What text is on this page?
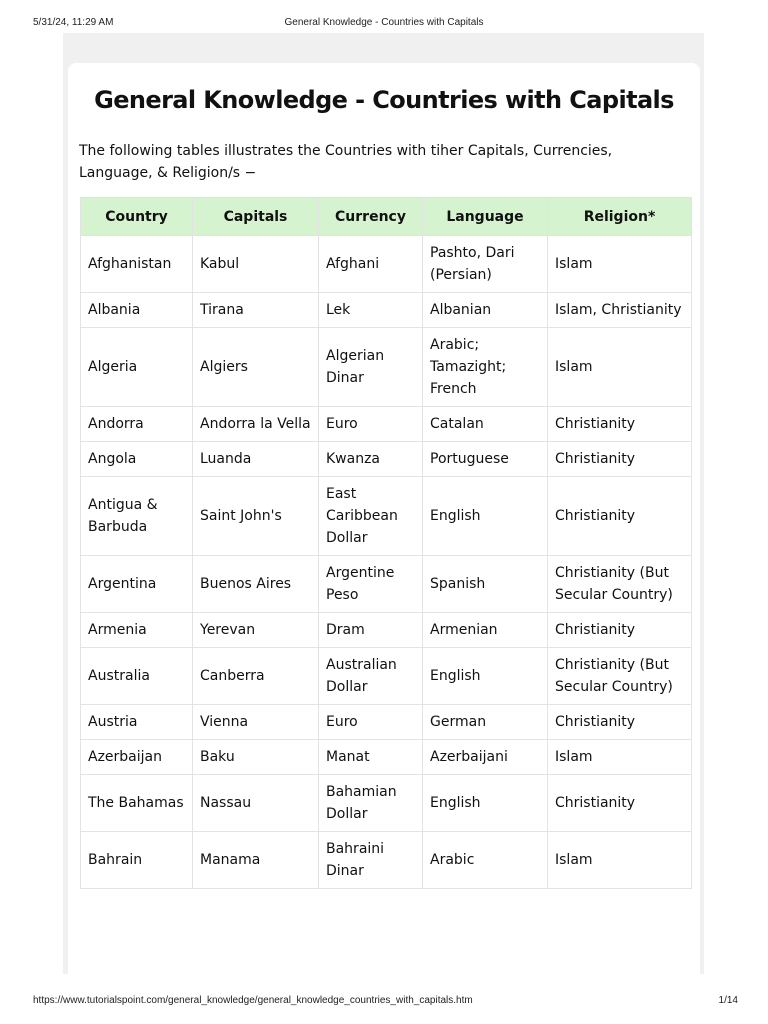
5/31/24, 11:29 AM	General Knowledge - Countries with Capitals
General Knowledge - Countries with Capitals

The following tables illustrates the Countries with tiher Capitals, Currencies, Language, & Religion/s −

Country	Capitals	Currency	Language	Religion*
Afghanistan	Kabul	Afghani	Pashto, Dari (Persian)	Islam
Albania	Tirana	Lek	Albanian	Islam, Christianity
Algeria	Algiers	Algerian Dinar	Arabic; Tamazight; French	Islam
Andorra	Andorra la Vella	Euro	Catalan	Christianity
Angola	Luanda	Kwanza	Portuguese	Christianity
Antigua & Barbuda	Saint John's	East Caribbean Dollar	English	Christianity
Argentina	Buenos Aires	Argentine Peso	Spanish	Christianity (But Secular Country)
Armenia	Yerevan	Dram	Armenian	Christianity
Australia	Canberra	Australian Dollar	English	Christianity (But Secular Country)
Austria	Vienna	Euro	German	Christianity
Azerbaijan	Baku	Manat	Azerbaijani	Islam
The Bahamas	Nassau	Bahamian Dollar	English	Christianity
Bahrain	Manama	Bahraini Dinar	Arabic	Islam
https://www.tutorialspoint.com/general_knowledge/general_knowledge_countries_with_capitals.htm	1/14
